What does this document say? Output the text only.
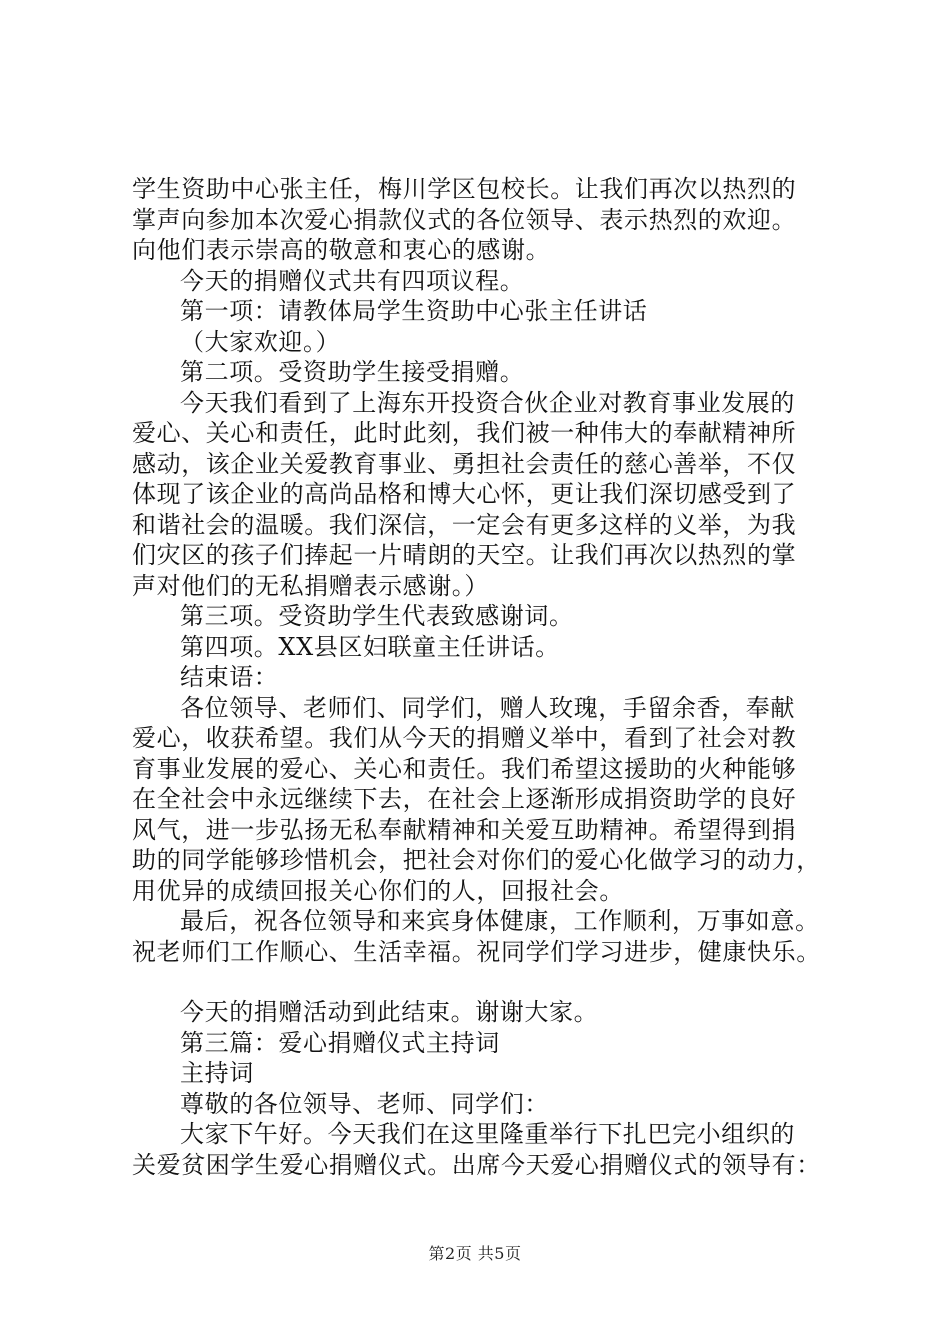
学生资助中心张主任，梅川学区包校长。让我们再次以热烈的
掌声向参加本次爱心捐款仪式的各位领导、表示热烈的欢迎。
向他们表示崇高的敬意和衷心的感谢。
今天的捐赠仪式共有四项议程。
第一项：请教体局学生资助中心张主任讲话
（大家欢迎。）
第二项。受资助学生接受捐赠。
今天我们看到了上海东开投资合伙企业对教育事业发展的
爱心、关心和责任，此时此刻，我们被一种伟大的奉献精神所
感动，该企业关爱教育事业、勇担社会责任的慈心善举，不仅
体现了该企业的高尚品格和博大心怀，更让我们深切感受到了
和谐社会的温暖。我们深信，一定会有更多这样的义举，为我
们灾区的孩子们捧起一片晴朗的天空。让我们再次以热烈的掌
声对他们的无私捐赠表示感谢。）
第三项。受资助学生代表致感谢词。
第四项。XX县区妇联童主任讲话。
结束语：
各位领导、老师们、同学们，赠人玫瑰，手留余香，奉献
爱心，收获希望。我们从今天的捐赠义举中，看到了社会对教
育事业发展的爱心、关心和责任。我们希望这援助的火种能够
在全社会中永远继续下去，在社会上逐渐形成捐资助学的良好
风气，进一步弘扬无私奉献精神和关爱互助精神。希望得到捐
助的同学能够珍惜机会，把社会对你们的爱心化做学习的动力，
用优异的成绩回报关心你们的人，回报社会。
最后，祝各位领导和来宾身体健康，工作顺利，万事如意。
祝老师们工作顺心、生活幸福。祝同学们学习进步，健康快乐。
今天的捐赠活动到此结束。谢谢大家。
第三篇：爱心捐赠仪式主持词
主持词
尊敬的各位领导、老师、同学们：
大家下午好。今天我们在这里隆重举行下扎巴完小组织的
关爱贫困学生爱心捐赠仪式。出席今天爱心捐赠仪式的领导有：
第2页 共5页
